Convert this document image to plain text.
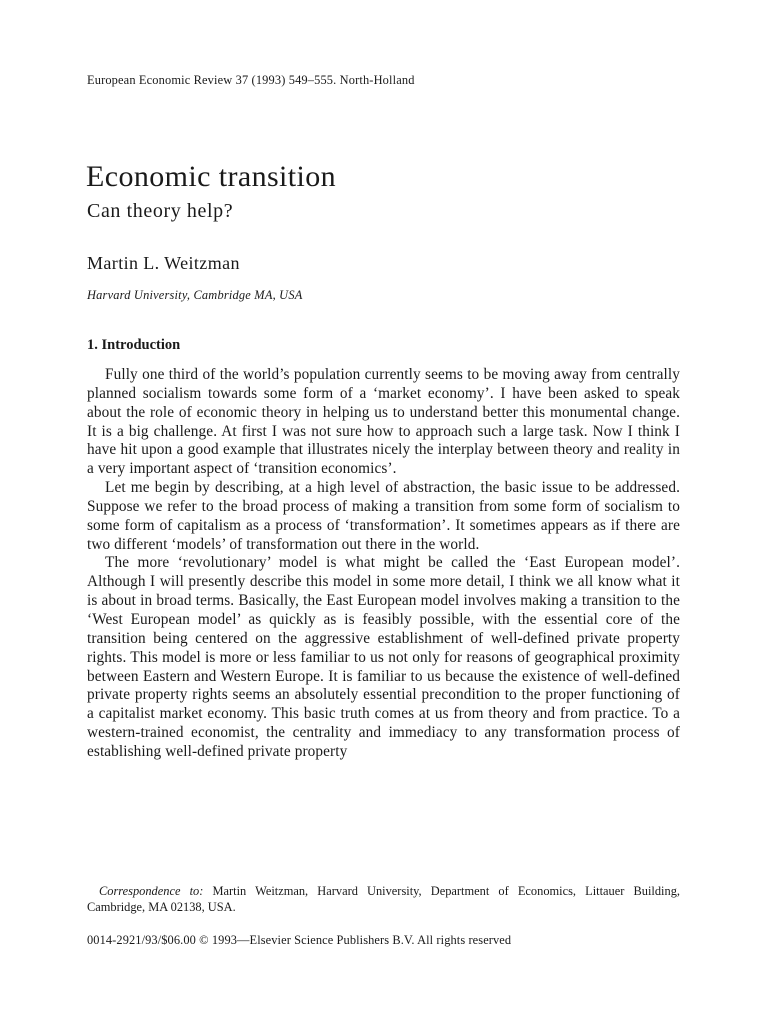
European Economic Review 37 (1993) 549–555. North-Holland
Economic transition
Can theory help?
Martin L. Weitzman
Harvard University, Cambridge MA, USA
1. Introduction

Fully one third of the world’s population currently seems to be moving away from centrally planned socialism towards some form of a ‘market economy’. I have been asked to speak about the role of economic theory in helping us to understand better this monumental change. It is a big challenge. At first I was not sure how to approach such a large task. Now I think I have hit upon a good example that illustrates nicely the interplay between theory and reality in a very important aspect of ‘transition economics’.

Let me begin by describing, at a high level of abstraction, the basic issue to be addressed. Suppose we refer to the broad process of making a transition from some form of socialism to some form of capitalism as a process of ‘transformation’. It sometimes appears as if there are two different ‘models’ of transformation out there in the world.

The more ‘revolutionary’ model is what might be called the ‘East European model’. Although I will presently describe this model in some more detail, I think we all know what it is about in broad terms. Basically, the East European model involves making a transition to the ‘West European model’ as quickly as is feasibly possible, with the essential core of the transition being centered on the aggressive establishment of well-defined private property rights. This model is more or less familiar to us not only for reasons of geographical proximity between Eastern and Western Europe. It is familiar to us because the existence of well-defined private property rights seems an absolutely essential precondition to the proper functioning of a capitalist market economy. This basic truth comes at us from theory and from practice. To a western-trained economist, the centrality and immediacy to any transformation process of establishing well-defined private property

Correspondence to: Martin Weitzman, Harvard University, Department of Economics, Littauer Building, Cambridge, MA 02138, USA.
0014-2921/93/$06.00 © 1993—Elsevier Science Publishers B.V. All rights reserved
